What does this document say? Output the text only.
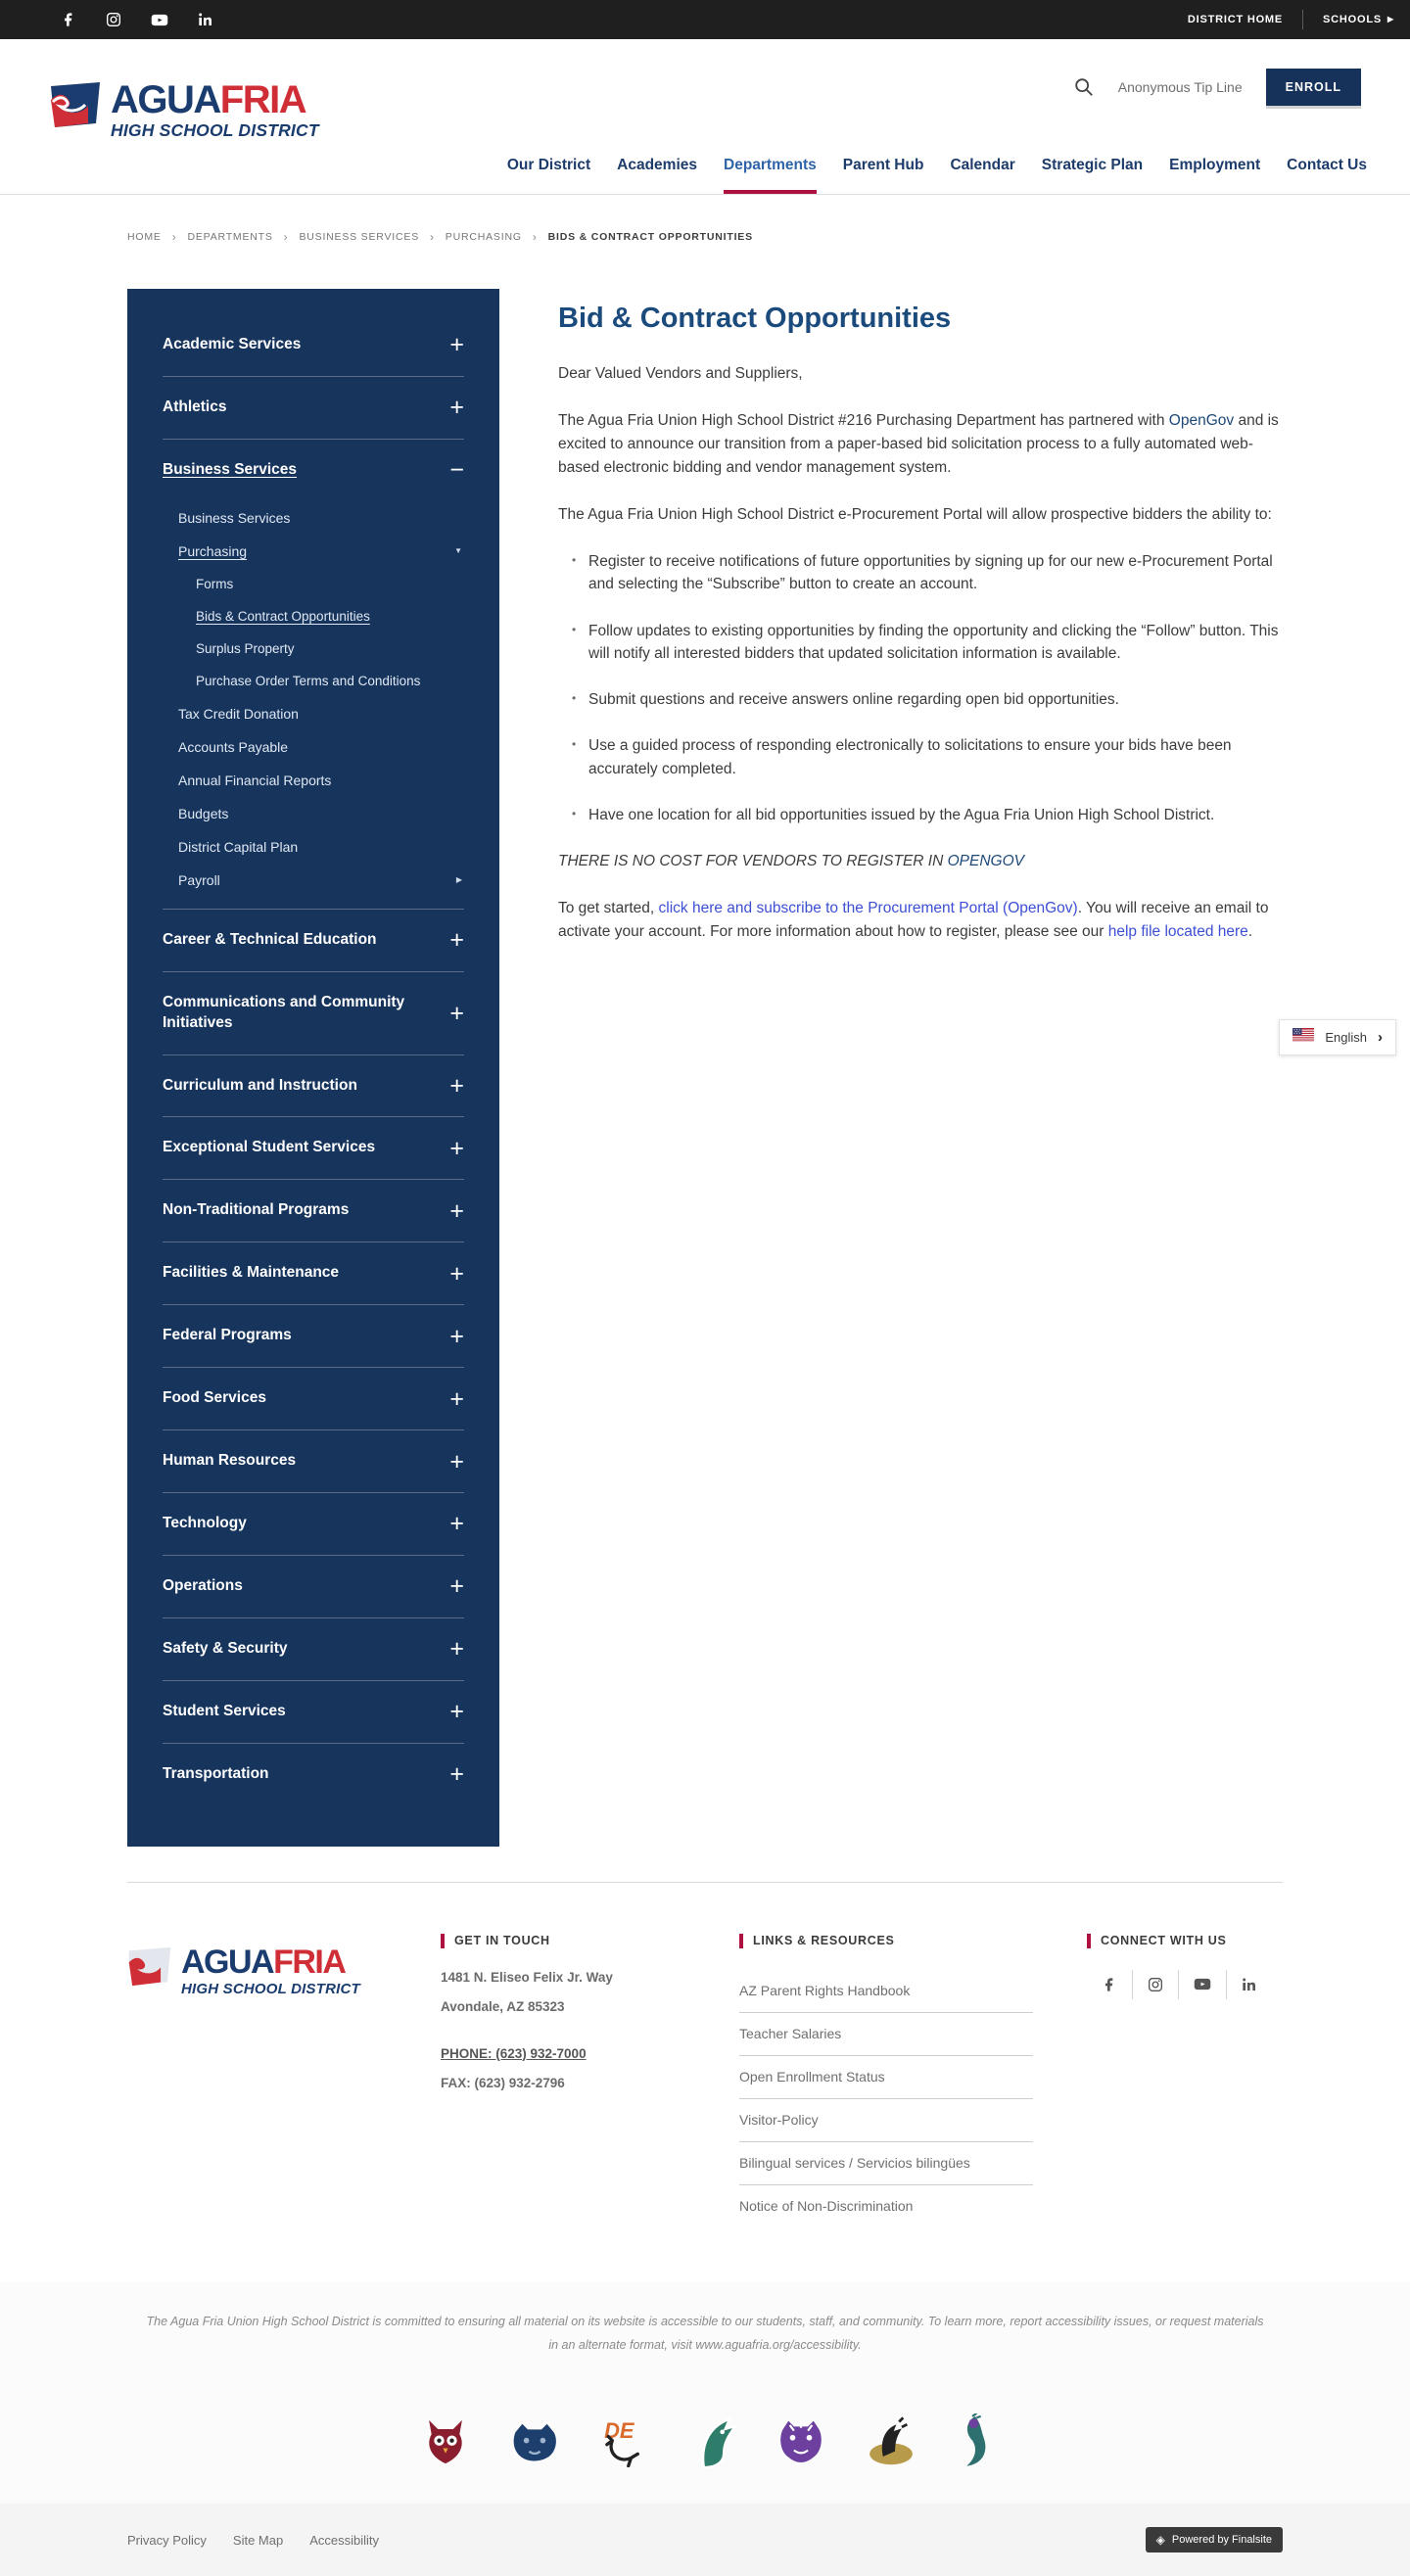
DISTRICT HOME	SCHOOLS ▶
AGUAFRIA
HIGH SCHOOL DISTRICT
Anonymous Tip Line	ENROLL
Our District Academies Departments Parent Hub Calendar Strategic Plan Employment Contact Us
HOME › DEPARTMENTS › BUSINESS SERVICES › PURCHASING › BIDS & CONTRACT OPPORTUNITIES
Academic Services	+
Athletics	+
Business Services	−
Business Services
Purchasing	▼
Forms
Bids & Contract Opportunities
Surplus Property
Purchase Order Terms and Conditions
Tax Credit Donation
Accounts Payable
Annual Financial Reports
Budgets
District Capital Plan
Payroll	▶
Career & Technical Education	+
Communications and Community Initiatives	+
Curriculum and Instruction	+
Exceptional Student Services	+
Non-Traditional Programs	+
Facilities & Maintenance	+
Federal Programs	+
Food Services	+
Human Resources	+
Technology	+
Operations	+
Safety & Security	+
Student Services	+
Transportation	+
Bid & Contract Opportunities

Dear Valued Vendors and Suppliers,

The Agua Fria Union High School District #216 Purchasing Department has partnered with OpenGov and is excited to announce our transition from a paper-based bid solicitation process to a fully automated web-based electronic bidding and vendor management system.

The Agua Fria Union High School District e-Procurement Portal will allow prospective bidders the ability to:

• Register to receive notifications of future opportunities by signing up for our new e-Procurement Portal and selecting the “Subscribe” button to create an account.
• Follow updates to existing opportunities by finding the opportunity and clicking the “Follow” button. This will notify all interested bidders that updated solicitation information is available.
• Submit questions and receive answers online regarding open bid opportunities.
• Use a guided process of responding electronically to solicitations to ensure your bids have been accurately completed.
• Have one location for all bid opportunities issued by the Agua Fria Union High School District.

THERE IS NO COST FOR VENDORS TO REGISTER IN OPENGOV

To get started, click here and subscribe to the Procurement Portal (OpenGov). You will receive an email to activate your account. For more information about how to register, please see our help file located here.

English ›
AGUAFRIA
HIGH SCHOOL DISTRICT
GET IN TOUCH

1481 N. Eliseo Felix Jr. Way

Avondale, AZ 85323

PHONE: (623) 932-7000

FAX: (623) 932-2796

LINKS & RESOURCES
AZ Parent Rights Handbook
Teacher Salaries
Open Enrollment Status
Visitor-Policy
Bilingual services / Servicios bilingües
Notice of Non-Discrimination
CONNECT WITH US

The Agua Fria Union High School District is committed to ensuring all material on its website is accessible to our students, staff, and community. To learn more, report accessibility issues, or request materials in an alternate format, visit www.aguafria.org/accessibility.

DE
Privacy Policy Site Map Accessibility	◈ Powered by Finalsite
